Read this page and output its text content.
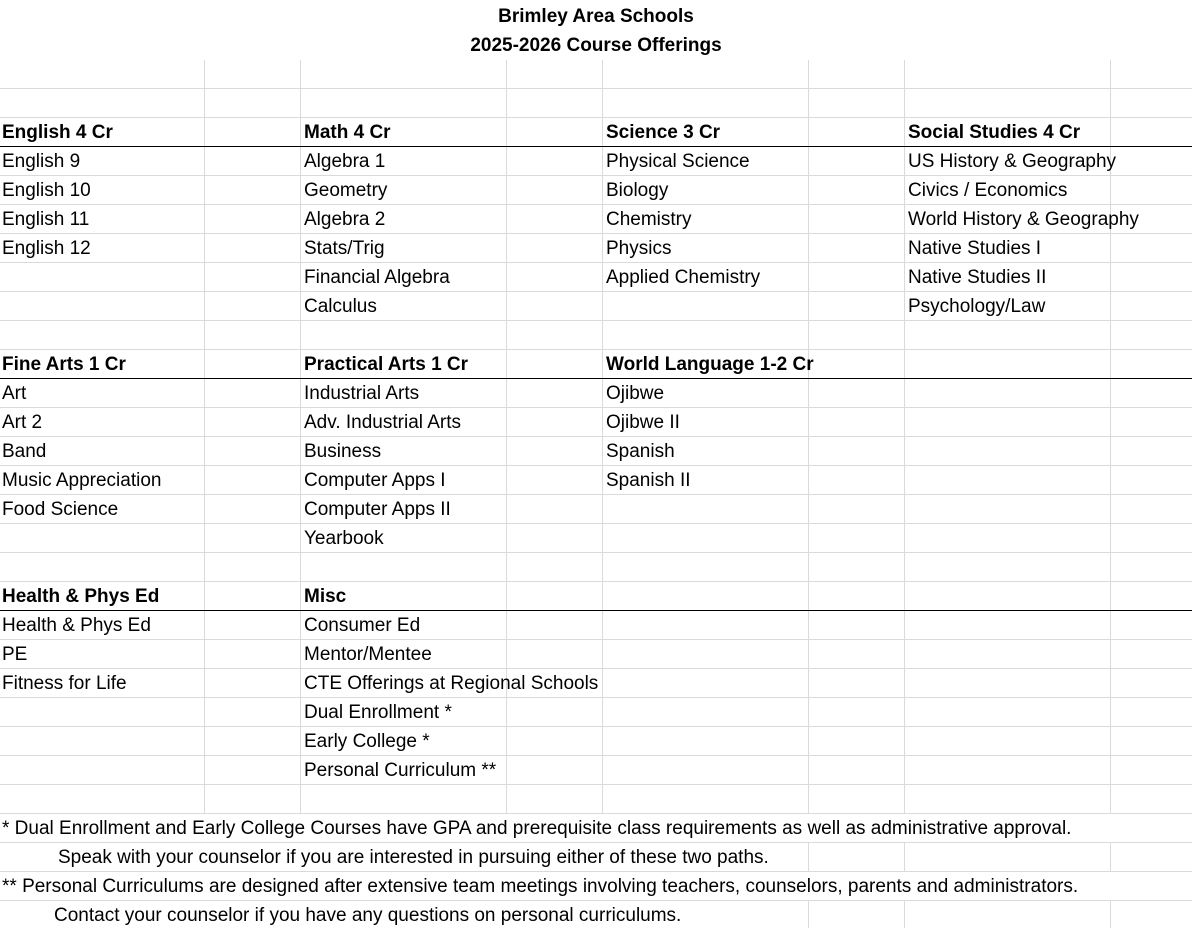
Brimley Area Schools
2025-2026 Course Offerings
English 4 Cr
English 9
English 10
English 11
English 12
Math 4 Cr
Algebra 1
Geometry
Algebra 2
Stats/Trig
Financial Algebra
Calculus
Science 3 Cr
Physical Science
Biology
Chemistry
Physics
Applied Chemistry
Social Studies 4 Cr
US History & Geography
Civics / Economics
World History & Geography
Native Studies I
Native Studies II
Psychology/Law
Fine Arts 1 Cr
Art
Art 2
Band
Music Appreciation
Food Science
Practical Arts 1 Cr
Industrial Arts
Adv. Industrial Arts
Business
Computer Apps I
Computer Apps II
Yearbook
World Language 1-2 Cr
Ojibwe
Ojibwe II
Spanish
Spanish II
Health & Phys Ed
Health & Phys Ed
PE
Fitness for Life
Misc
Consumer Ed
Mentor/Mentee
CTE Offerings at Regional Schools
Dual Enrollment *
Early College *
Personal Curriculum **
* Dual Enrollment and Early College Courses have GPA and prerequisite class requirements as well as administrative approval.
Speak with your counselor if you are interested in pursuing either of these two paths.
** Personal Curriculums are designed after extensive team meetings involving teachers, counselors, parents and administrators.
Contact your counselor if you have any questions on personal curriculums.
